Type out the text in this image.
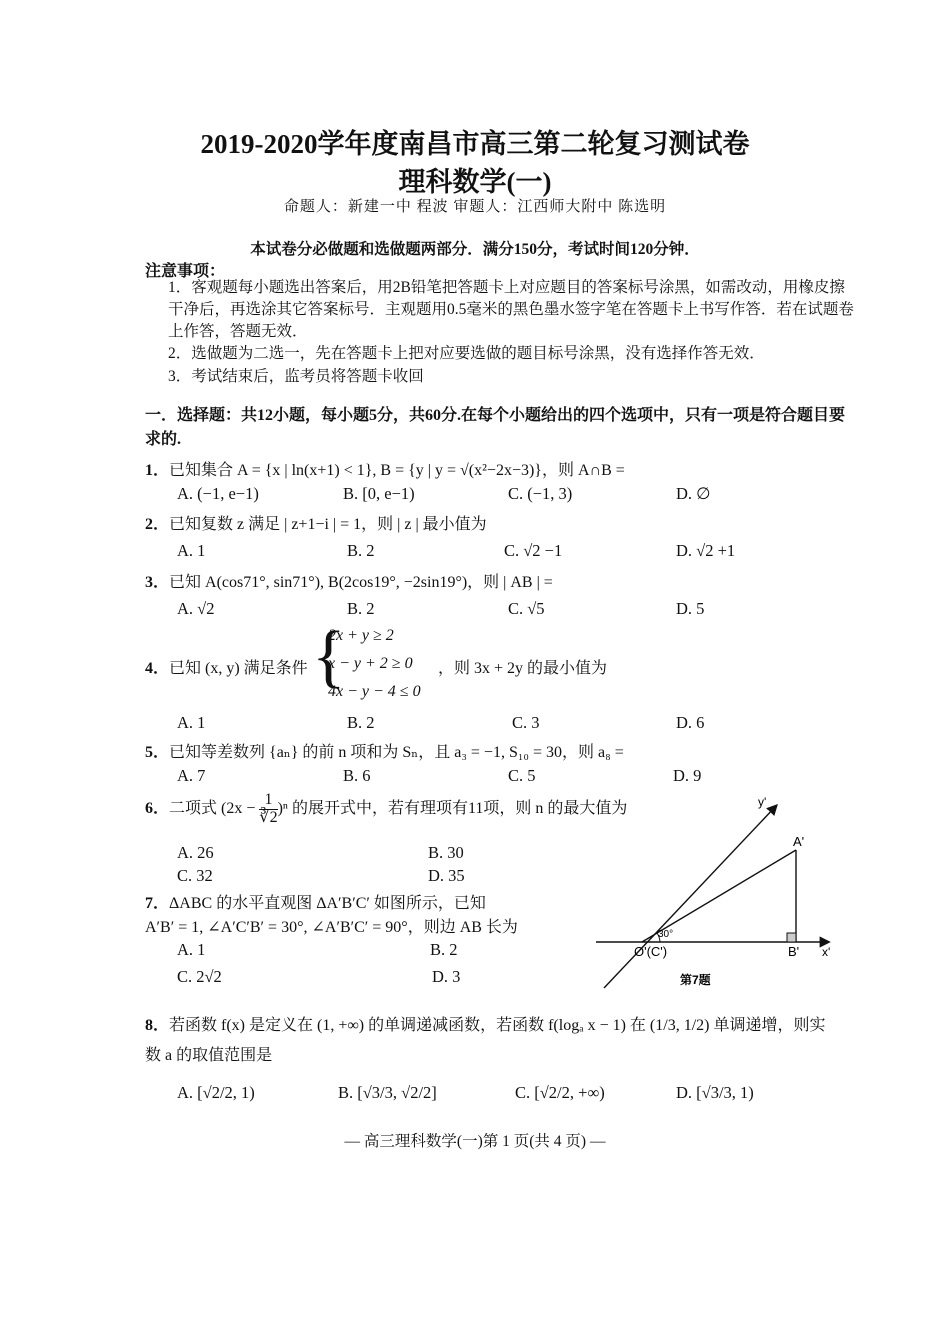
2019-2020学年度南昌市高三第二轮复习测试卷
理科数学(一)
命题人：新建一中 程波 审题人：江西师大附中 陈选明
本试卷分必做题和选做题两部分．满分150分，考试时间120分钟．
注意事项：
1．客观题每小题选出答案后，用2B铅笔把答题卡上对应题目的答案标号涂黑，如需改动，用橡皮擦干净后，再选涂其它答案标号．主观题用0.5毫米的黑色墨水签字笔在答题卡上书写作答．若在试题卷上作答，答题无效．
2．选做题为二选一，先在答题卡上把对应要选做的题目标号涂黑，没有选择作答无效．
3．考试结束后，监考员将答题卡收回
一．选择题：共12小题，每小题5分，共60分.在每个小题给出的四个选项中，只有一项是符合题目要求的.
1．已知集合 A = {x | ln(x+1) < 1}, B = {y | y = √(x²−2x−3)}，则 A∩B =
A. (−1, e−1)	B. [0, e−1)	C. (−1, 3)	D. ∅
2．已知复数 z 满足 | z+1−i | = 1，则 | z | 最小值为
A. 1	B. 2	C. √2 −1	D. √2 +1
3．已知 A(cos71°, sin71°), B(2cos19°, −2sin19°)，则 | AB | =
A. √2	B. 2	C. √5	D. 5
4．已知 (x, y) 满足条件 {
2x + y ≥ 2
x − y + 2 ≥ 0
4x − y − 4 ≤ 0
，则 3x + 2y 的最小值为
A. 1	B. 2	C. 3	D. 6
5．已知等差数列 {aₙ} 的前 n 项和为 Sₙ，且 a₃ = −1, S₁₀ = 30，则 a₈ =
A. 7	B. 6	C. 5	D. 9
6．二项式 $(2x - \frac{1}{∛2} )^n$ 的展开式中，若有理项有11项，则 n 的最大值为
A. 26	B. 30
C. 32	D. 35
7．ΔABC 的水平直观图 ΔA′B′C′ 如图所示，已知
A′B′ = 1, ∠A′C′B′ = 30°, ∠A′B′C′ = 90°，则边 AB 长为
A. 1	B. 2
C. 2√2	D. 3
y'
A'
30°
O'(C')	B' x'
第7题
8．若函数 f(x) 是定义在 (1, +∞) 的单调递减函数，若函数 f(logₐ x − 1) 在 (1/3, 1/2) 单调递增，则实
数 a 的取值范围是
A. [√2/2, 1)	B. [√3/3, √2/2]	C. [√2/2, +∞)	D. [√3/3, 1)
— 高三理科数学(一)第 1 页(共 4 页) —
